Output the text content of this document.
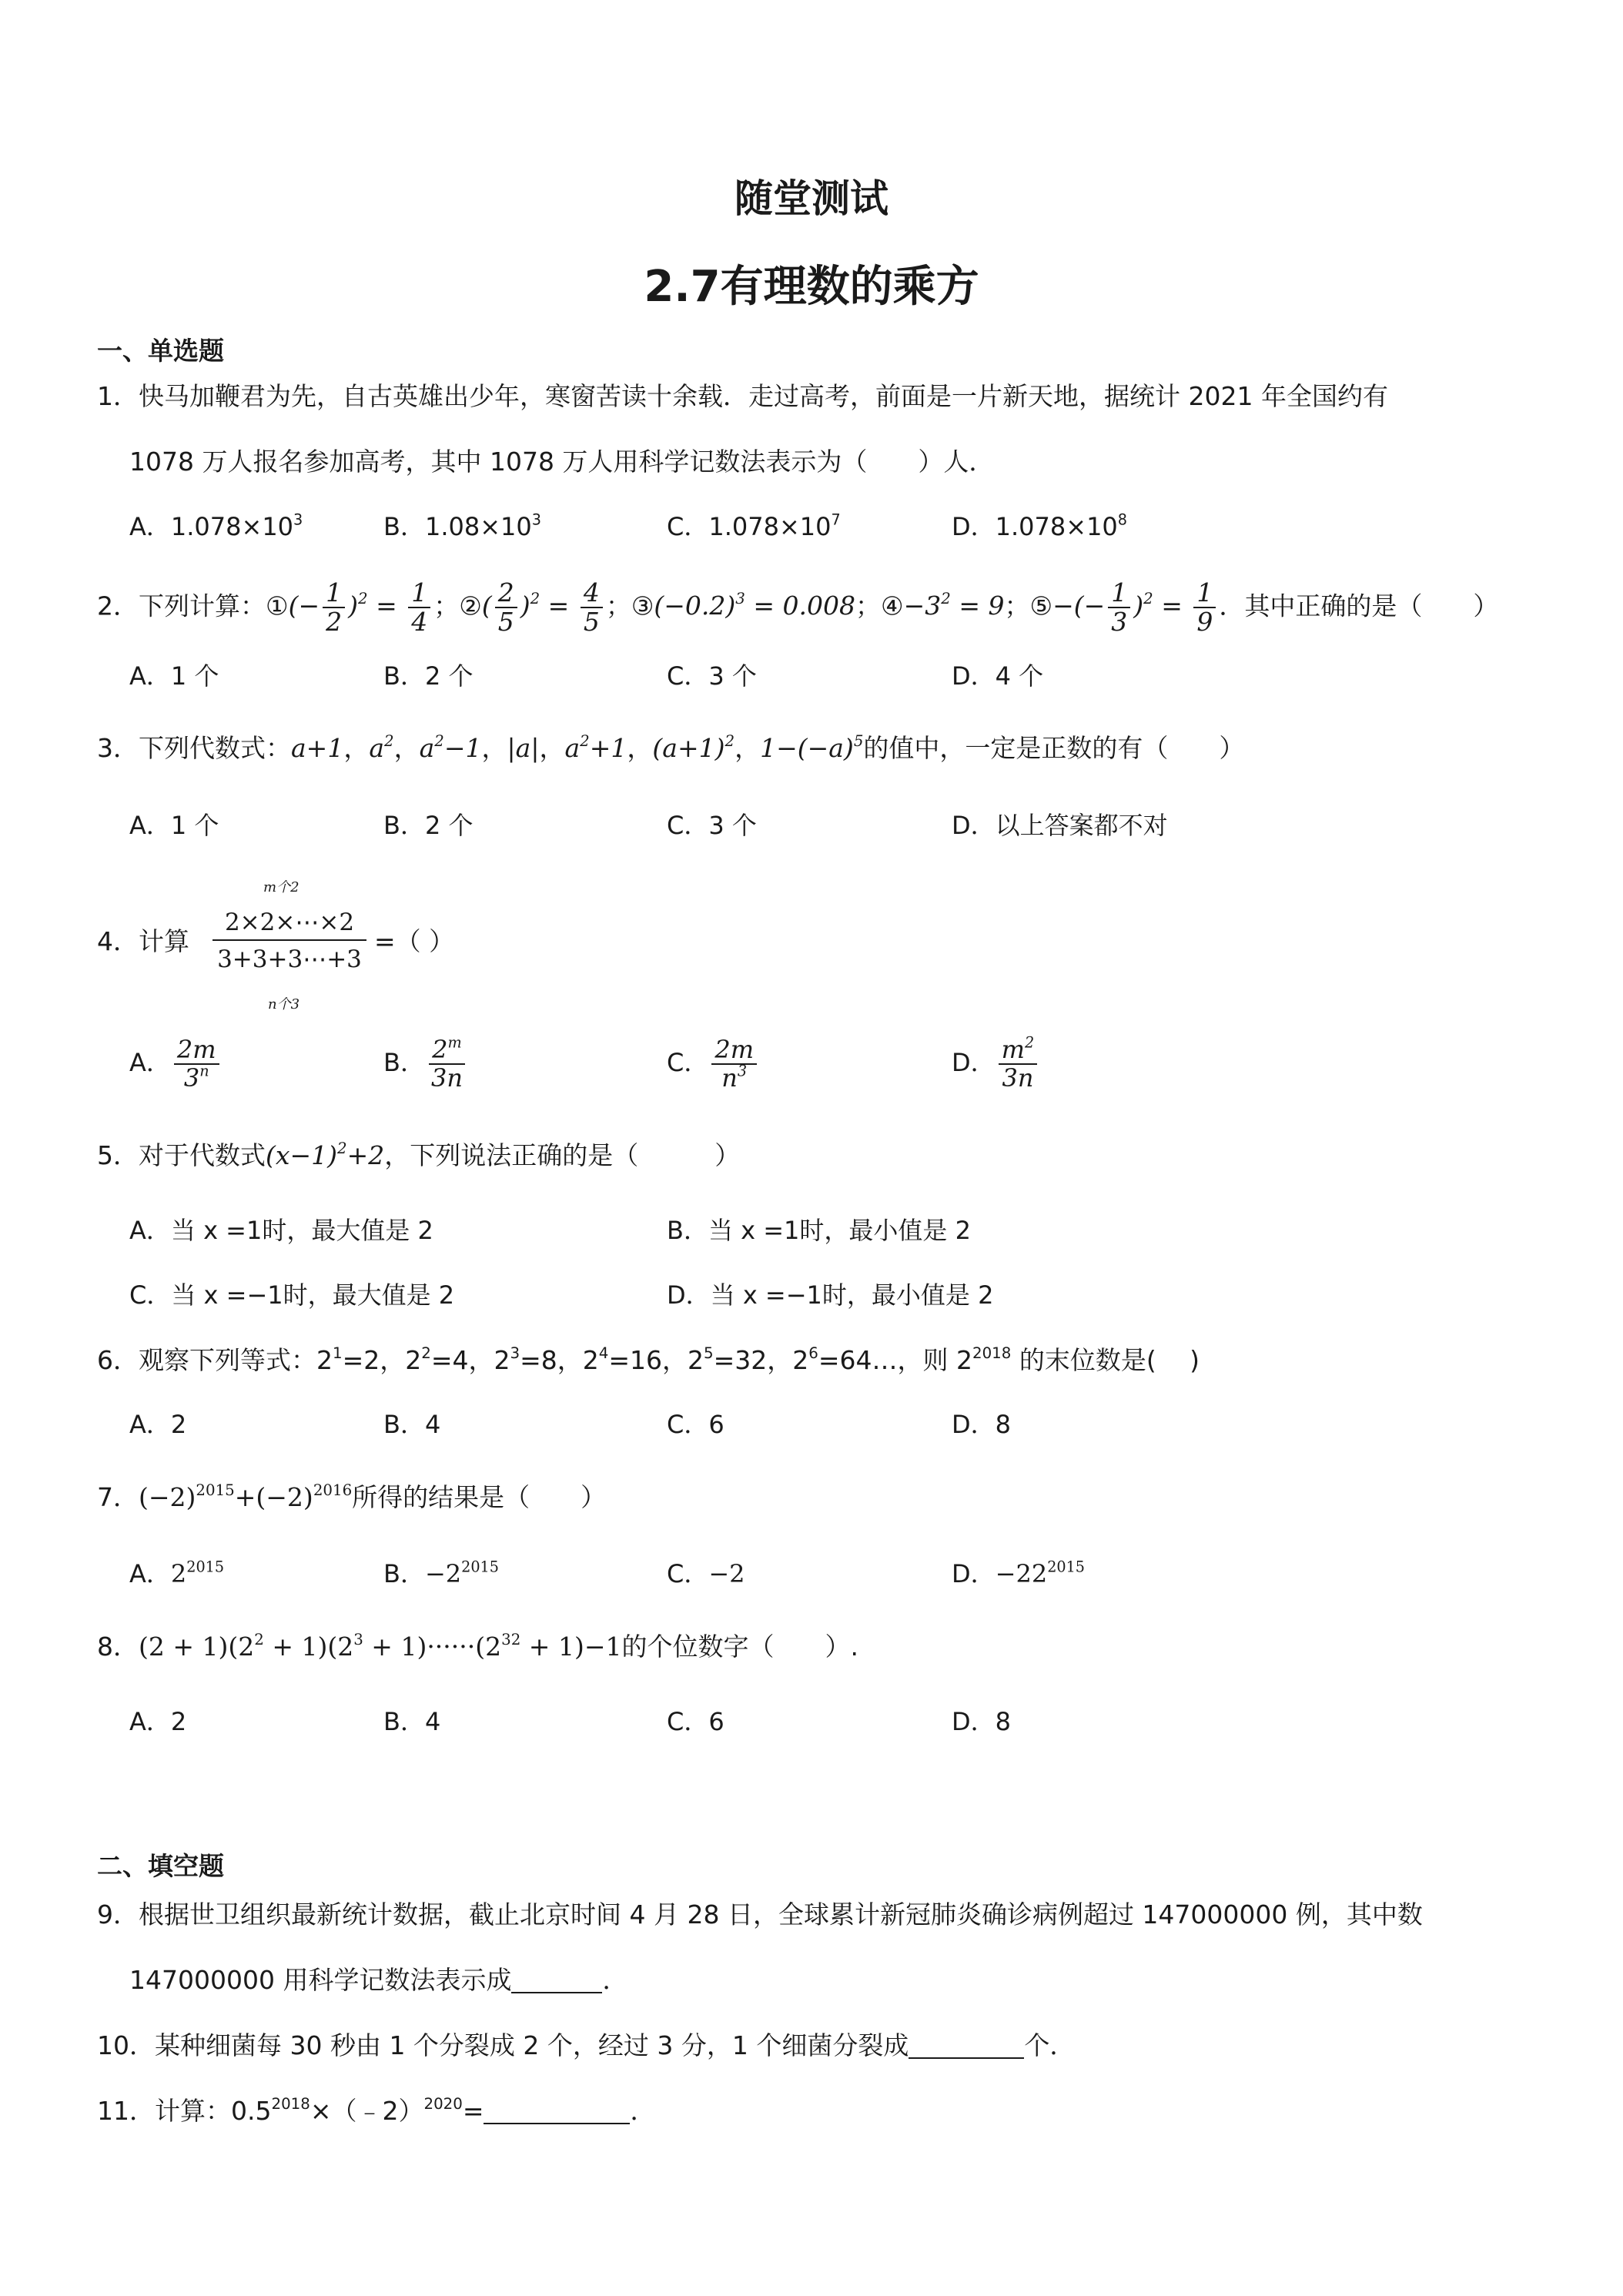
随堂测试
2.7有理数的乘方
一、单选题
1．快马加鞭君为先，自古英雄出少年，寒窗苦读十余载．走过高考，前面是一片新天地，据统计 2021 年全国约有
1078 万人报名参加高考，其中 1078 万人用科学记数法表示为（　　）人．
A．$1.078\times 10^3$	B．$1.08\times 10^3$	C．$1.078\times 10^7$	D．$1.078\times 10^8$
2．下列计算：①(− $\frac{1}{2} )^2 = \frac{1}{4}$ ；②( $\frac{2}{5} )^2 = \frac{4}{5}$ ；$③(-0.2)^3 = 0.008$；$④-3^2 = 9$；⑤−(− $\frac{1}{3} )^2 = \frac{1}{9}$ ．其中正确的是（　　）
A．1 个	B．2 个	C．3 个	D．4 个
3．下列代数式：a+1，$a^2$，$a^2-1$，|a|，$a^2+1$，$(a+1)^2$，$1-(-a)^5$的值中，一定是正数的有（　　）
A．1 个	B．2 个	C．3 个	D．以上答案都不对
4．计算
m个2
2×2×⋯×2
3+3+3⋯+3
n个3
=（ ）
A． $\frac{2m}{3^n}$	B． $\frac{2^m}{3n}$	C． $\frac{2m}{n^3}$	D． $\frac{m^2}{3n}$
5．对于代数式$(x-1)^2+2$，下列说法正确的是（　　　）
A．当 x =1时，最大值是 2	B．当 x =1时，最小值是 2
C．当 x =−1时，最大值是 2	D．当 x =−1时，最小值是 2
6．观察下列等式：$2^1=2$，$2^2=4$，$2^3=8$，$2^4=16$，$2^5=32$，$2^6=64\dots$，则 $2^{2018}$ 的末位数是(　 )
A．2	B．4	C．6	D．8
7．$(-2)^{2015}+(-2)^{2016}$所得的结果是（　　）
A．$2^{2015}$	B．$-2^{2015}$	C．−2	D．$-22^{2015}$
8．$(2 + 1)(2^2 + 1)(2^3 + 1)\cdot\cdot\cdot\cdot\cdot\cdot(2^{32} + 1)-1$的个位数字（　　）.
A．2	B．4	C．6	D．8
二、填空题
9．根据世卫组织最新统计数据，截止北京时间 4 月 28 日，全球累计新冠肺炎确诊病例超过 147000000 例，其中数
147000000 用科学记数法表示成	．
10．某种细菌每 30 秒由 1 个分裂成 2 个，经过 3 分，1 个细菌分裂成	个．
11．计算：$0.5^{2018}\times(﹣2)^{2020}=$	．
